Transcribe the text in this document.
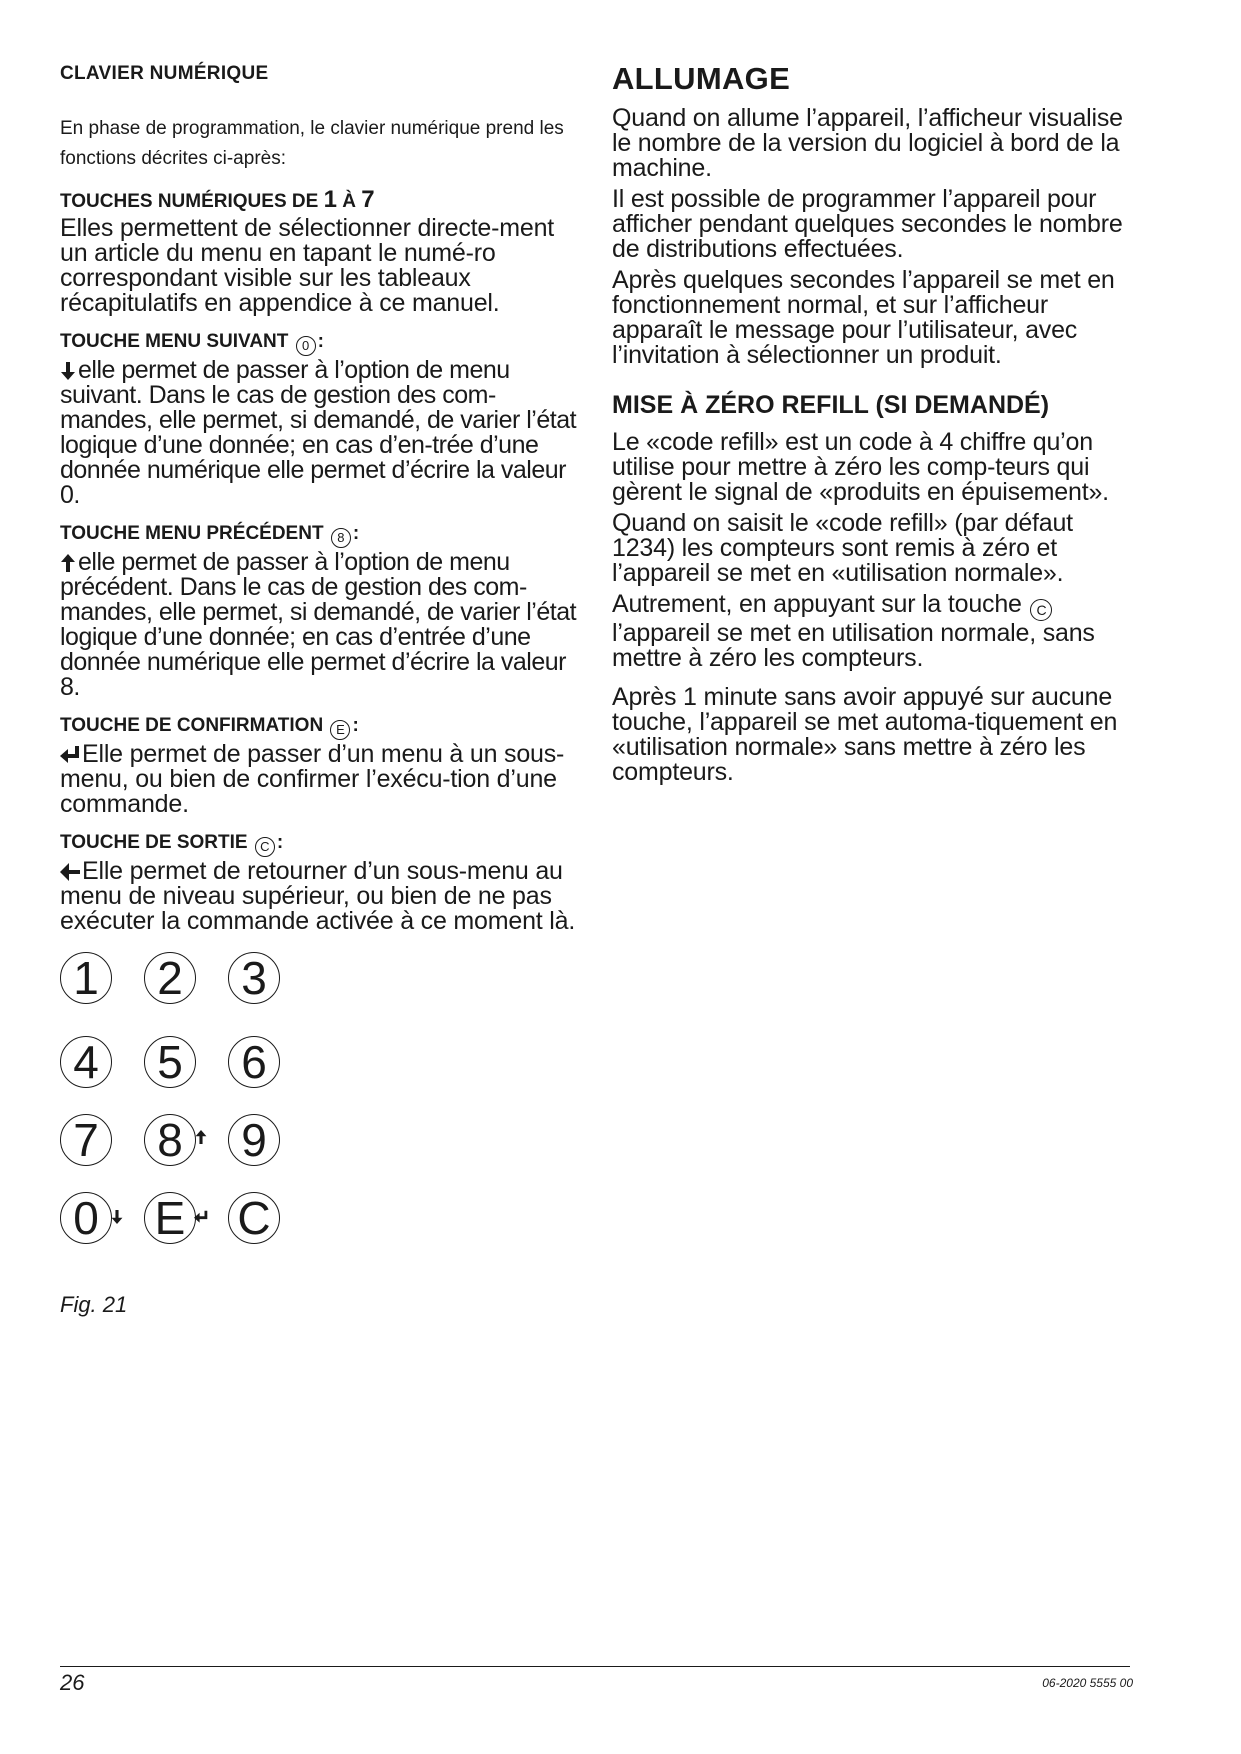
CLAVIER NUMÉRIQUE

En phase de programmation, le clavier numérique prend les fonctions décrites ci-après:

TOUCHES NUMÉRIQUES DE 1 À 7

Elles permettent de sélectionner directe-ment un article du menu en tapant le numé-ro correspondant visible sur les tableaux récapitulatifs en appendice à ce manuel.

TOUCHE MENU SUIVANT 0 :

elle permet de passer à l’option de menu suivant. Dans le cas de gestion des com-mandes, elle permet, si demandé, de varier l’état logique d’une donnée; en cas d’en-trée d’une donnée numérique elle permet d’écrire la valeur 0.

TOUCHE MENU PRÉCÉDENT 8 :

elle permet de passer à l’option de menu précédent. Dans le cas de gestion des com-mandes, elle permet, si demandé, de varier l’état logique d’une donnée; en cas d’entrée d’une donnée numérique elle permet d’écrire la valeur 8.

TOUCHE DE CONFIRMATION E :

Elle permet de passer d’un menu à un sous-menu, ou bien de confirmer l’exécu-tion d’une commande.

TOUCHE DE SORTIE C :

Elle permet de retourner d’un sous-menu au menu de niveau supérieur, ou bien de ne pas exécuter la commande activée à ce moment là.

1 2 3
4 5 6
7 8 9
0 E C
Fig. 21
ALLUMAGE

Quand on allume l’appareil, l’afficheur visualise le nombre de la version du logiciel à bord de la machine.

Il est possible de programmer l’appareil pour afficher pendant quelques secondes le nombre de distributions effectuées.

Après quelques secondes l’appareil se met en fonctionnement normal, et sur l’afficheur apparaît le message pour l’utilisateur, avec l’invitation à sélectionner un produit.

MISE À ZÉRO REFILL (SI DEMANDÉ)

Le «code refill» est un code à 4 chiffre qu’on utilise pour mettre à zéro les comp-teurs qui gèrent le signal de «produits en épuisement».

Quand on saisit le «code refill» (par défaut 1234) les compteurs sont remis à zéro et l’appareil se met en «utilisation normale».

Autrement, en appuyant sur la touche C l’appareil se met en utilisation normale, sans mettre à zéro les compteurs.

Après 1 minute sans avoir appuyé sur aucune touche, l’appareil se met automa-tiquement en «utilisation normale» sans mettre à zéro les compteurs.

26	06-2020 5555 00
